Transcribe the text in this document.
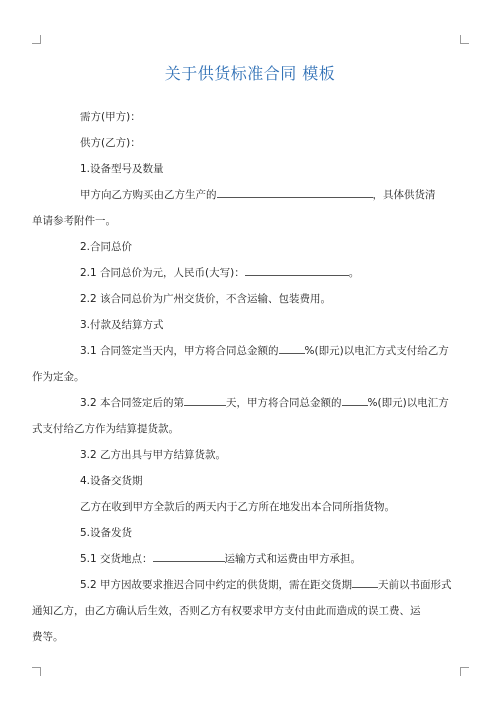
关于供货标准合同 模板

需方(甲方)：

供方(乙方)：

1.设备型号及数量

甲方向乙方购买由乙方生产的	，具体供货清

单请参考附件一。

2.合同总价

2.1 合同总价为元，人民币(大写)：	。

2.2 该合同总价为广州交货价，不含运输、包装费用。

3.付款及结算方式

3.1 合同签定当天内，甲方将合同总金额的 %(即元)以电汇方式支付给乙方

作为定金。

3.2 本合同签定后的第	天，甲方将合同总金额的 %(即元)以电汇方

式支付给乙方作为结算提货款。

3.2 乙方出具与甲方结算货款。

4.设备交货期

乙方在收到甲方全款后的两天内于乙方所在地发出本合同所指货物。

5.设备发货

5.1 交货地点：	运输方式和运费由甲方承担。

5.2 甲方因故要求推迟合同中约定的供货期，需在距交货期 天前以书面形式

通知乙方，由乙方确认后生效，否则乙方有权要求甲方支付由此而造成的误工费、运

费等。
